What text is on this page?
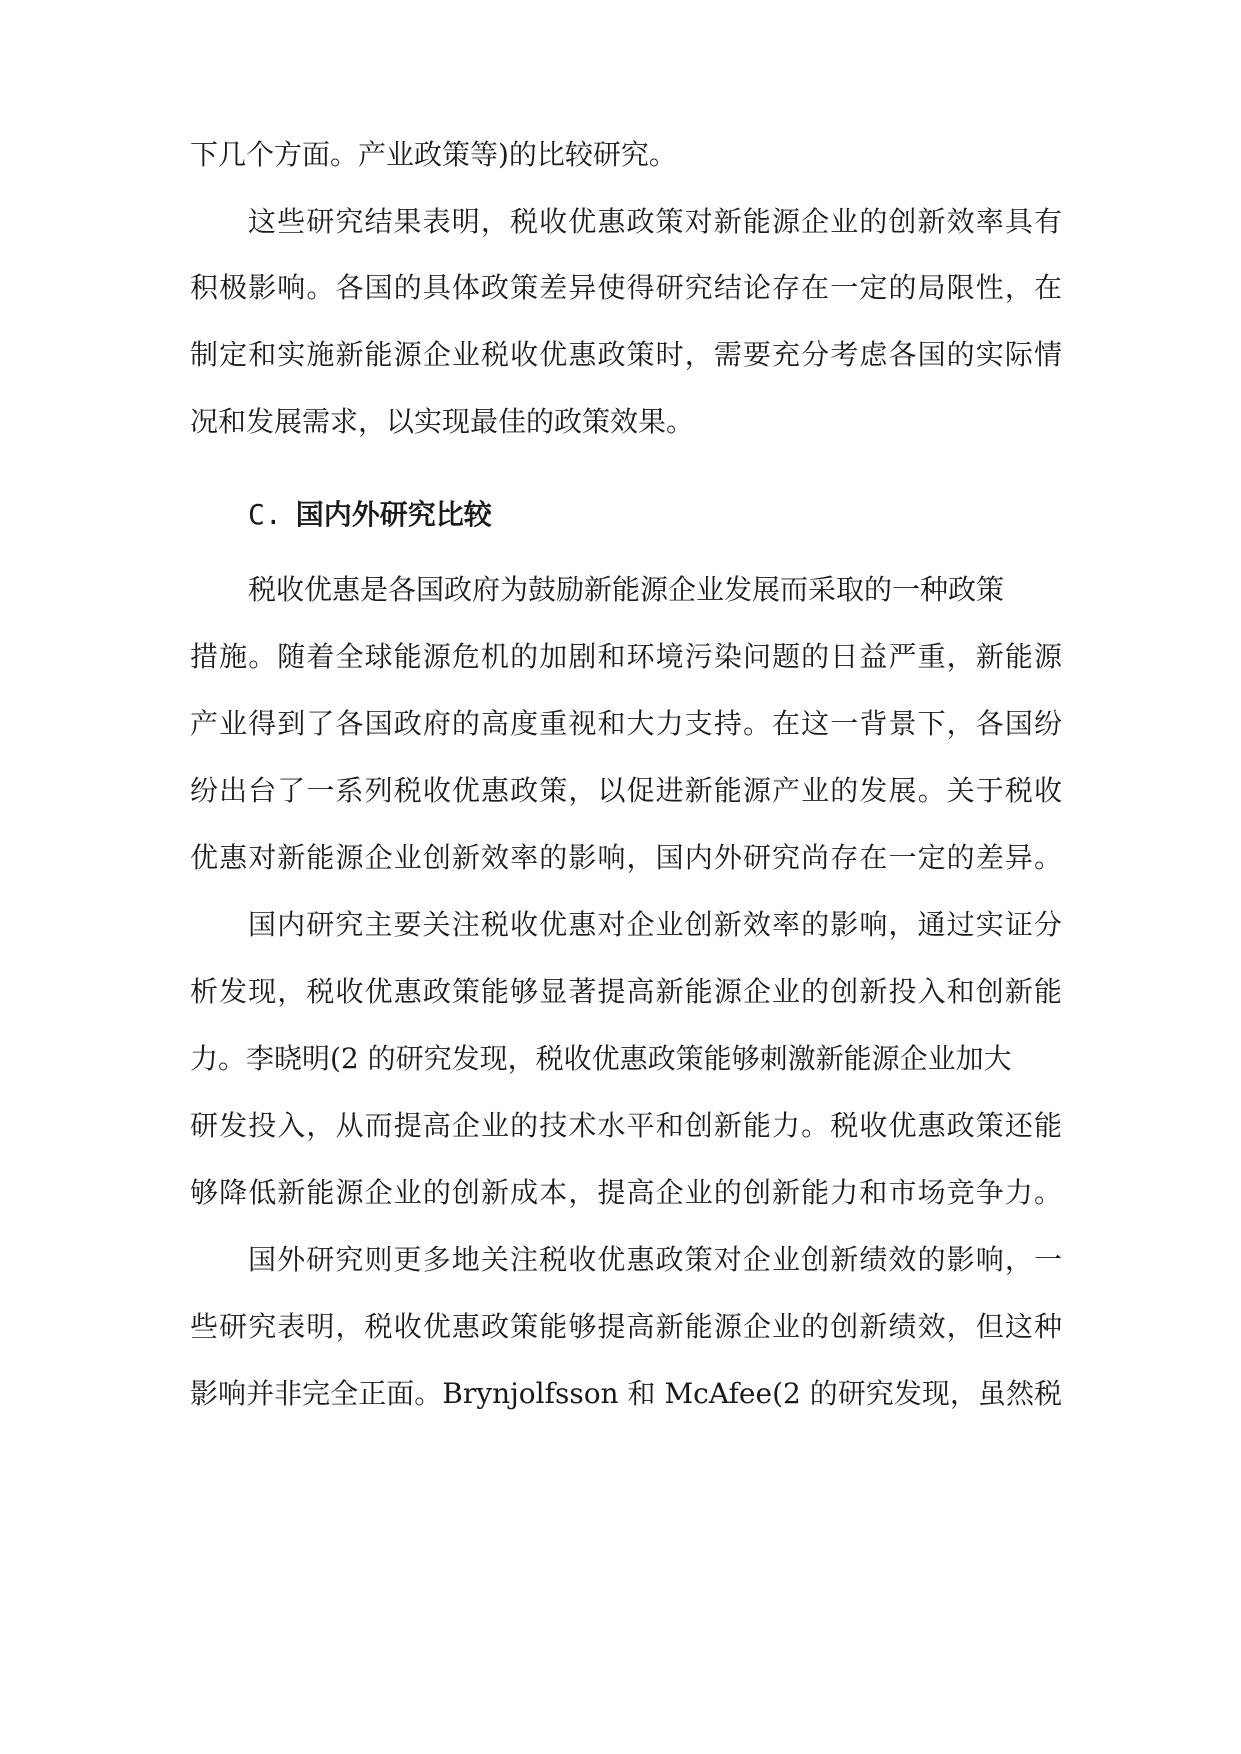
下几个方面。产业政策等)的比较研究。

这些研究结果表明，税收优惠政策对新能源企业的创新效率具有

积极影响。各国的具体政策差异使得研究结论存在一定的局限性，在

制定和实施新能源企业税收优惠政策时，需要充分考虑各国的实际情

况和发展需求，以实现最佳的政策效果。

C. 国内外研究比较

税收优惠是各国政府为鼓励新能源企业发展而采取的一种政策

措施。随着全球能源危机的加剧和环境污染问题的日益严重，新能源

产业得到了各国政府的高度重视和大力支持。在这一背景下，各国纷

纷出台了一系列税收优惠政策，以促进新能源产业的发展。关于税收

优惠对新能源企业创新效率的影响，国内外研究尚存在一定的差异。

国内研究主要关注税收优惠对企业创新效率的影响，通过实证分

析发现，税收优惠政策能够显著提高新能源企业的创新投入和创新能

力。李晓明(2 的研究发现，税收优惠政策能够刺激新能源企业加大

研发投入，从而提高企业的技术水平和创新能力。税收优惠政策还能

够降低新能源企业的创新成本，提高企业的创新能力和市场竞争力。

国外研究则更多地关注税收优惠政策对企业创新绩效的影响，一

些研究表明，税收优惠政策能够提高新能源企业的创新绩效，但这种

影响并非完全正面。Brynjolfsson 和 McAfee(2 的研究发现，虽然税
